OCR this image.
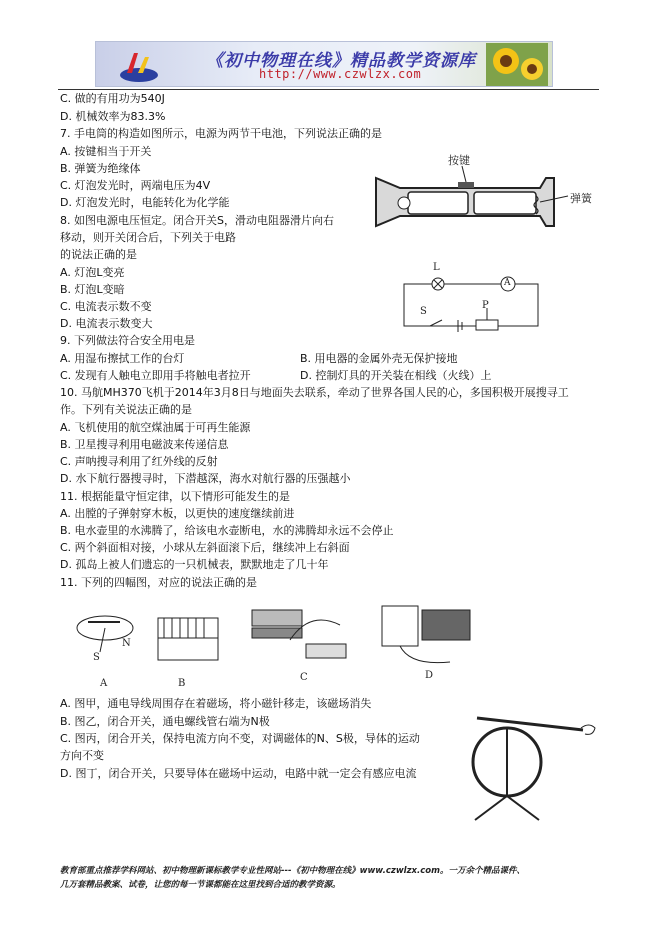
《初中物理在线》精品教学资源库
http://www.czwlzx.com
C. 做的有用功为540J
D. 机械效率为83.3%
7. 手电筒的构造如图所示，电源为两节干电池，下列说法正确的是
A. 按键相当于开关
B. 弹簧为绝缘体
C. 灯泡发光时，两端电压为4V
D. 灯泡发光时，电能转化为化学能
8. 如图电源电压恒定。闭合开关S，滑动电阻器滑片向右
移动，则开关闭合后，下列关于电路
的说法正确的是
A. 灯泡L变亮
B. 灯泡L变暗
C. 电流表示数不变
D. 电流表示数变大
9. 下列做法符合安全用电是
A. 用湿布擦拭工作的台灯	B. 用电器的金属外壳无保护接地
C. 发现有人触电立即用手将触电者拉开	D. 控制灯具的开关装在相线（火线）上
10. 马航MH370飞机于2014年3月8日与地面失去联系，牵动了世界各国人民的心，多国积极开展搜寻工
作。下列有关说法正确的是
A. 飞机使用的航空煤油属于可再生能源
B. 卫星搜寻利用电磁波来传递信息
C. 声呐搜寻利用了红外线的反射
D. 水下航行器搜寻时，下潜越深，海水对航行器的压强越小
11. 根据能量守恒定律，以下情形可能发生的是
A. 出膛的子弹射穿木板，以更快的速度继续前进
B. 电水壶里的水沸腾了，给该电水壶断电，水的沸腾却永远不会停止
C. 两个斜面相对接，小球从左斜面滚下后，继续冲上右斜面
D. 孤岛上被人们遗忘的一只机械表，默默地走了几十年
11. 下列的四幅图，对应的说法正确的是
A. 图甲，通电导线周围存在着磁场，将小磁针移走，该磁场消失
B. 图乙，闭合开关，通电螺线管右端为N极
C. 图丙，闭合开关，保持电流方向不变，对调磁体的N、S极，导体的运动
方向不变
D. 图丁，闭合开关，只要导体在磁场中运动，电路中就一定会有感应电流
按键
弹簧
L
A
S
P
S
N
A	B
C	D
教育部重点推荐学科网站、初中物理新课标教学专业性网站---《初中物理在线》www.czwlzx.com。一万余个精品课件、
几万套精品教案、试卷，让您的每一节课都能在这里找到合适的教学资源。
